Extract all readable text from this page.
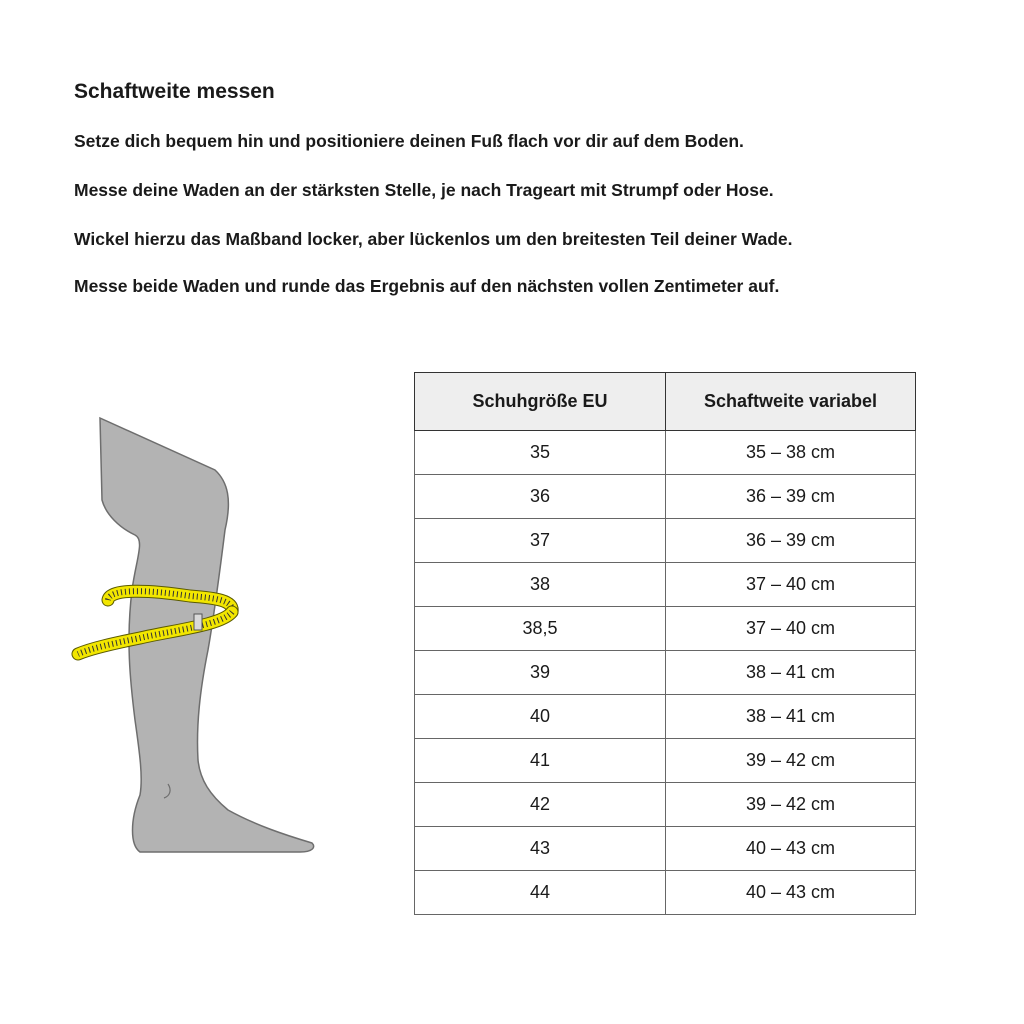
Schaftweite messen

Setze dich bequem hin und positioniere deinen Fuß flach vor dir auf dem Boden.

Messe deine Waden an der stärksten Stelle, je nach Trageart mit Strumpf oder Hose.

Wickel hierzu das Maßband locker, aber lückenlos um den breitesten Teil deiner Wade.

Messe beide Waden und runde das Ergebnis auf den nächsten vollen Zentimeter auf.

Schuhgröße EU	Schaftweite variabel
35	35 – 38 cm
36	36 – 39 cm
37	36 – 39 cm
38	37 – 40 cm
38,5	37 – 40 cm
39	38 – 41 cm
40	38 – 41 cm
41	39 – 42 cm
42	39 – 42 cm
43	40 – 43 cm
44	40 – 43 cm
